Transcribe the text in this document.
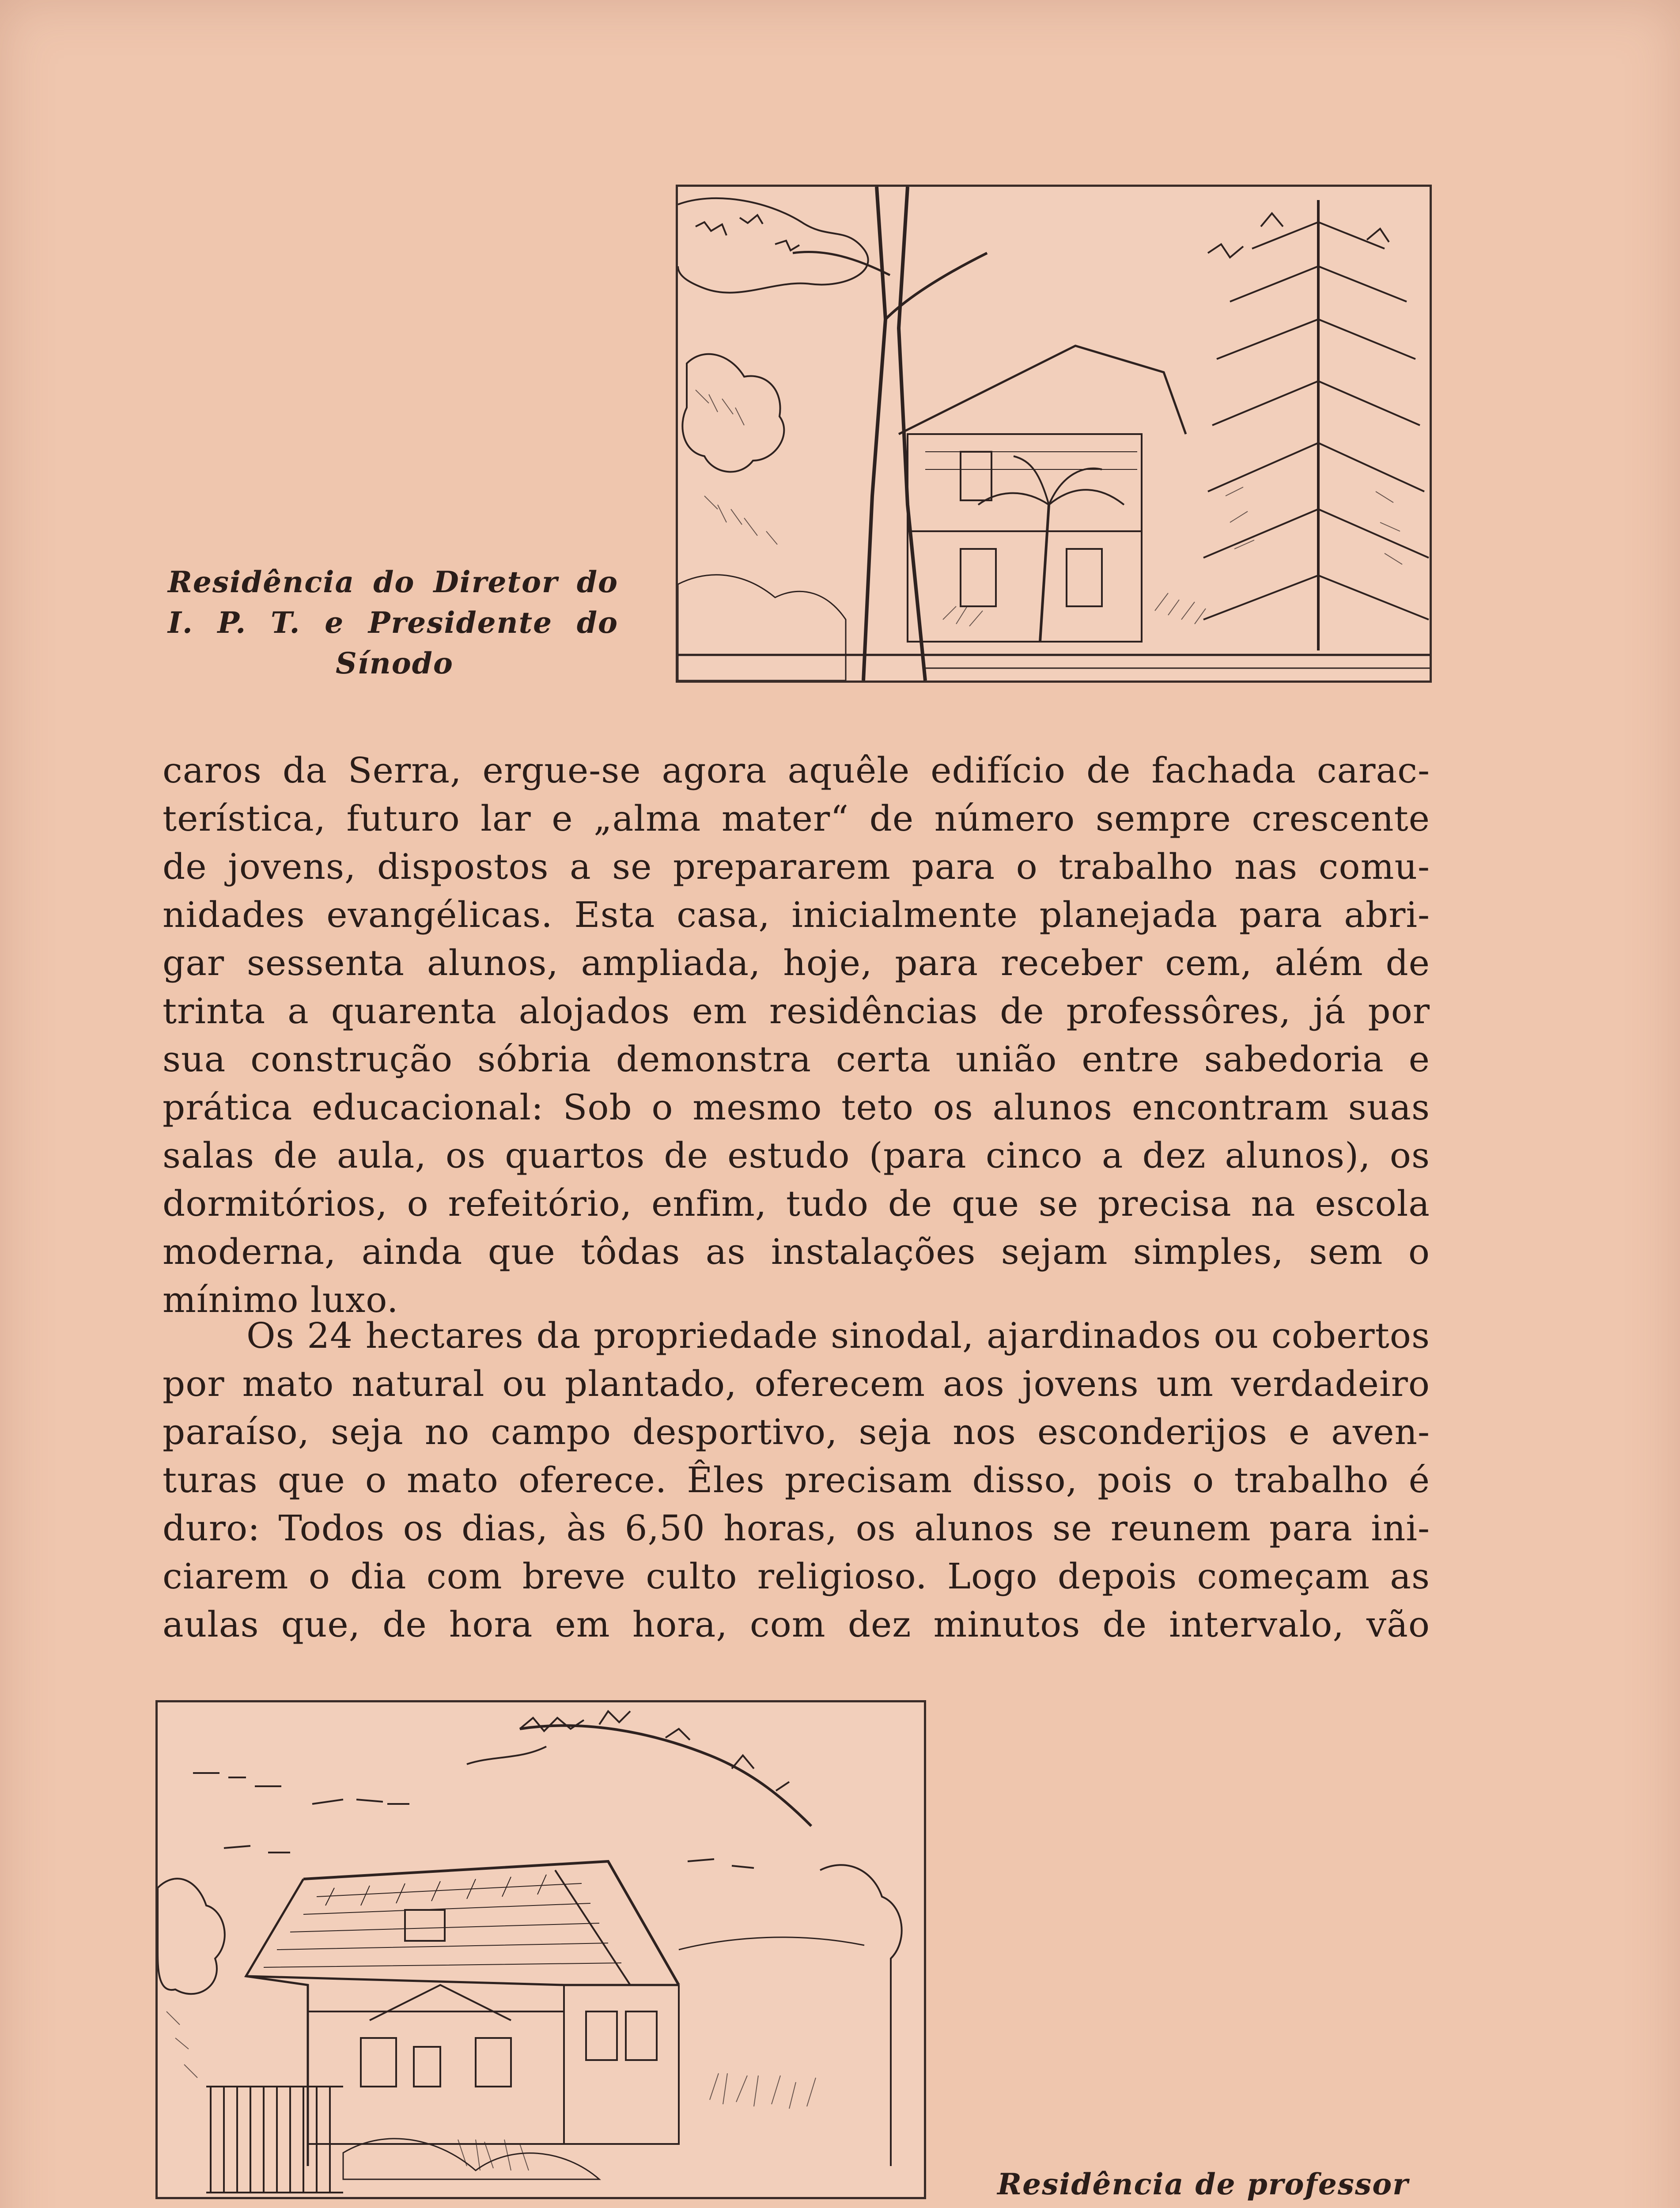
Residência do Diretor do
I. P. T. e Presidente do
Sínodo
caros da Serra, ergue-se agora aquêle edifício de fachada carac-
terística, futuro lar e „alma mater“ de número sempre crescente
de jovens, dispostos a se prepararem para o trabalho nas comu-
nidades evangélicas. Esta casa, inicialmente planejada para abri-
gar sessenta alunos, ampliada, hoje, para receber cem, além de
trinta a quarenta alojados em residências de professôres, já por
sua construção sóbria demonstra certa união entre sabedoria e
prática educacional: Sob o mesmo teto os alunos encontram suas
salas de aula, os quartos de estudo (para cinco a dez alunos), os
dormitórios, o refeitório, enfim, tudo de que se precisa na escola
moderna, ainda que tôdas as instalações sejam simples, sem o
mínimo luxo.
Os 24 hectares da propriedade sinodal, ajardinados ou cobertos
por mato natural ou plantado, oferecem aos jovens um verdadeiro
paraíso, seja no campo desportivo, seja nos esconderijos e aven-
turas que o mato oferece. Êles precisam disso, pois o trabalho é
duro: Todos os dias, às 6,50 horas, os alunos se reunem para ini-
ciarem o dia com breve culto religioso. Logo depois começam as
aulas que, de hora em hora, com dez minutos de intervalo, vão
Residência de professor
